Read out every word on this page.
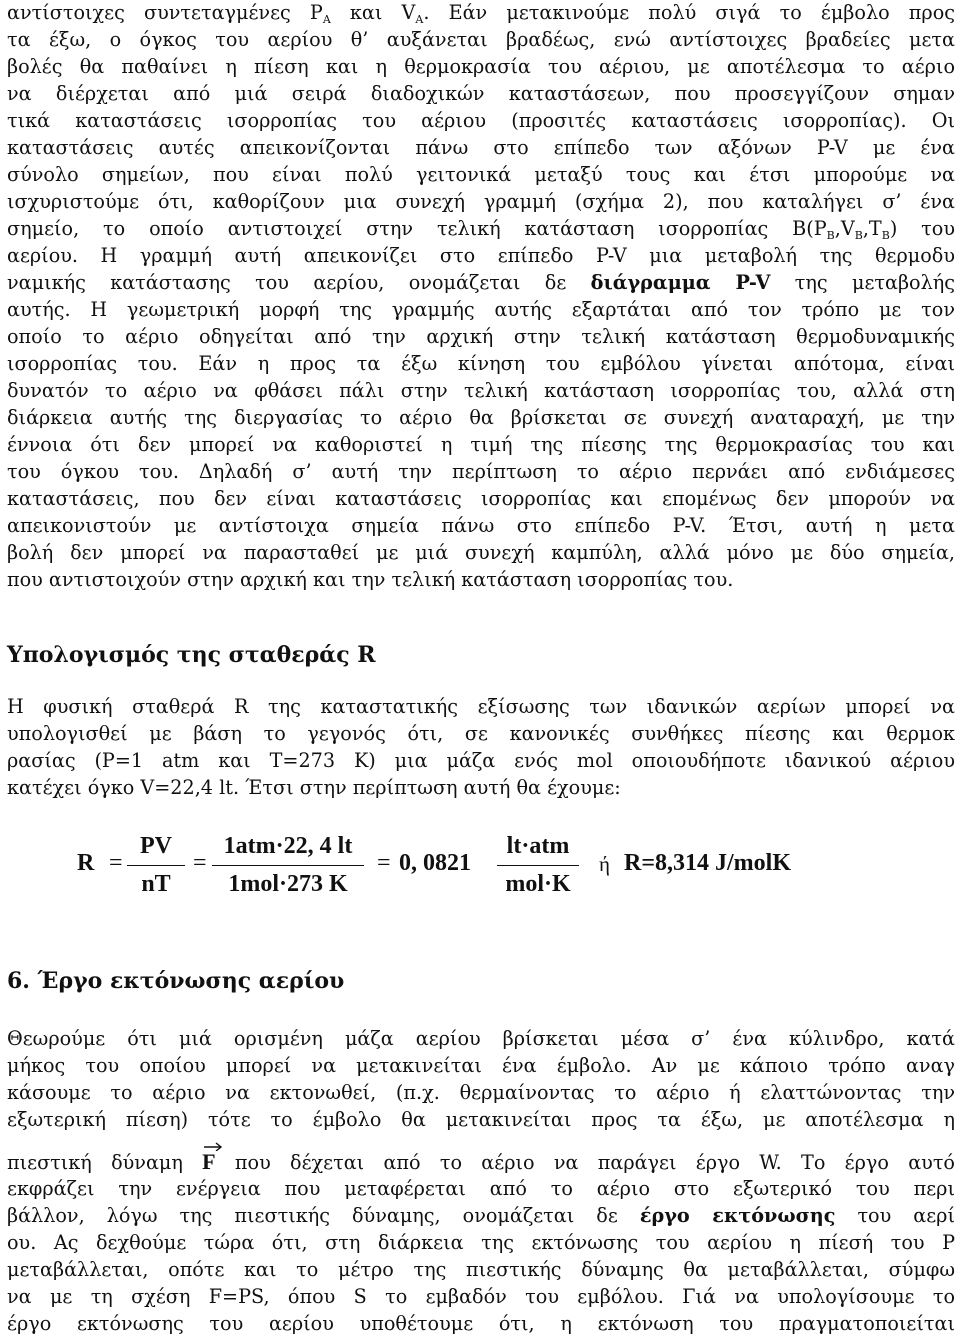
αντίστοιχες συντεταγμένες $P_A$ και $V_A$. Εάν μετακινούμε πολύ σιγά το έμβολο προς
τα έξω, ο όγκος του αερίου θ’ αυξάνεται βραδέως, ενώ αντίστοιχες βραδείες μετα
βολές θα παθαίνει η πίεση και η θερμοκρασία του αέριου, με αποτέλεσμα το αέριο
να διέρχεται από μιά σειρά διαδοχικών καταστάσεων, που προσεγγίζουν σημαν
τικά καταστάσεις ισορροπίας του αέριου (προσιτές καταστάσεις ισορροπίας). Οι
καταστάσεις αυτές απεικονίζονται πάνω στο επίπεδο των αξόνων P-V με ένα
σύνολο σημείων, που είναι πολύ γειτονικά μεταξύ τους και έτσι μπορούμε να
ισχυριστούμε ότι, καθορίζουν μια συνεχή γραμμή (σχήμα 2), που καταλήγει σ’ ένα
σημείο, το οποίο αντιστοιχεί στην τελική κατάσταση ισορροπίας $B(P_B,V_B,T_B)$ του
αερίου. Η γραμμή αυτή απεικονίζει στο επίπεδο P-V μια μεταβολή της θερμοδυ
ναμικής κατάστασης του αερίου, ονομάζεται δε διάγραμμα P-V της μεταβολής
αυτής. Η γεωμετρική μορφή της γραμμής αυτής εξαρτάται από τον τρόπο με τον
οποίο το αέριο οδηγείται από την αρχική στην τελική κατάσταση θερμοδυναμικής
ισορροπίας του. Εάν η προς τα έξω κίνηση του εμβόλου γίνεται απότομα, είναι
δυνατόν το αέριο να φθάσει πάλι στην τελική κατάσταση ισορροπίας του, αλλά στη
διάρκεια αυτής της διεργασίας το αέριο θα βρίσκεται σε συνεχή αναταραχή, με την
έννοια ότι δεν μπορεί να καθοριστεί η τιμή της πίεσης της θερμοκρασίας του και
του όγκου του. Δηλαδή σ’ αυτή την περίπτωση το αέριο περνάει από ενδιάμεσες
καταστάσεις, που δεν είναι καταστάσεις ισορροπίας και επομένως δεν μπορούν να
απεικονιστούν με αντίστοιχα σημεία πάνω στο επίπεδο P-V. Έτσι, αυτή η μετα
βολή δεν μπορεί να παρασταθεί με μιά συνεχή καμπύλη, αλλά μόνο με δύο σημεία,
που αντιστοιχούν στην αρχική και την τελική κατάσταση ισορροπίας του.
Υπολογισμός της σταθεράς R
Η φυσική σταθερά R της καταστατικής εξίσωσης των ιδανικών αερίων μπορεί να
υπολογισθεί με βάση το γεγονός ότι, σε κανονικές συνθήκες πίεσης και θερμοκ
ρασίας (P=1 atm και T=273 K) μια μάζα ενός mol οποιουδήποτε ιδανικού αέριου
κατέχει όγκο V=22,4 lt. Έτσι στην περίπτωση αυτή θα έχουμε:
R =
PV
nT
=
1atm·22, 4 lt
1mol·273 K
= 0, 0821
lt·atm
mol·K
ή R=8,314 J/molK
6. Έργο εκτόνωσης αερίου
Θεωρούμε ότι μιά ορισμένη μάζα αερίου βρίσκεται μέσα σ’ ένα κύλινδρο, κατά
μήκος του οποίου μπορεί να μετακινείται ένα έμβολο. Αν με κάποιο τρόπο αναγ
κάσουμε το αέριο να εκτονωθεί, (π.χ. θερμαίνοντας το αέριο ή ελαττώνοντας την
εξωτερική πίεση) τότε το έμβολο θα μετακινείται προς τα έξω, με αποτέλεσμα η
πιεστική δύναμη
F που δέχεται από το αέριο να παράγει έργο W. Το έργο αυτό
εκφράζει την ενέργεια που μεταφέρεται από το αέριο στο εξωτερικό του περι
βάλλον, λόγω της πιεστικής δύναμης, ονομάζεται δε έργο εκτόνωσης του αερί
ου. Ας δεχθούμε τώρα ότι, στη διάρκεια της εκτόνωσης του αερίου η πίεσή του P
μεταβάλλεται, οπότε και το μέτρο της πιεστικής δύναμης θα μεταβάλλεται, σύμφω
να με τη σχέση F=PS, όπου S το εμβαδόν του εμβόλου. Γιά να υπολογίσουμε το
έργο εκτόνωσης του αερίου υποθέτουμε ότι, η εκτόνωση του πραγματοποιείται
